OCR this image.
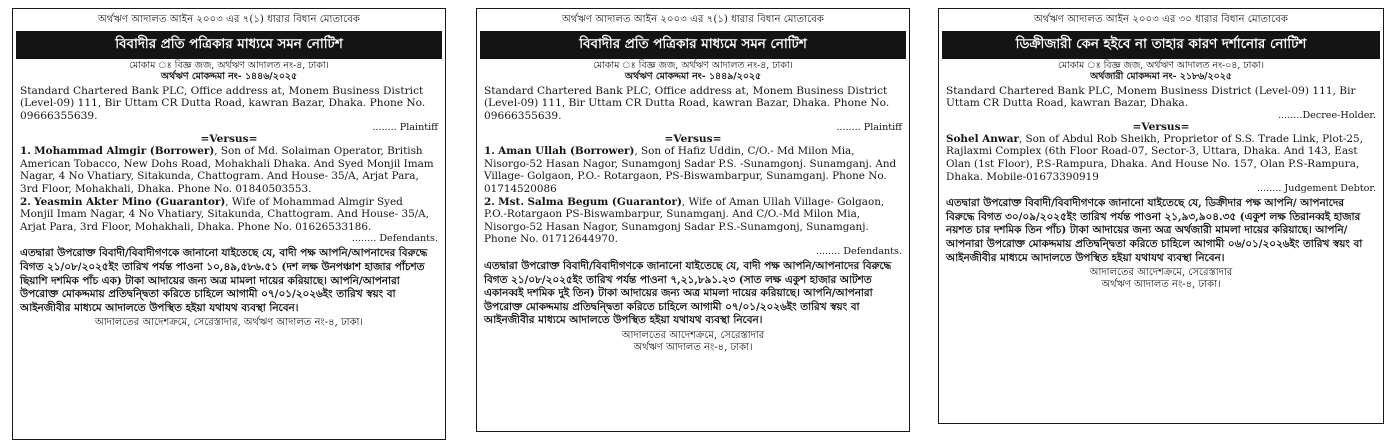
অর্থঋণ আদালত আইন ২০০৩ এর ৭(১) ধারার বিধান মোতাবেক
বিবাদীর প্রতি পত্রিকার মাধ্যমে সমন নোটিশ
মোকাম ঃ বিজ্ঞ জজ, অর্থঋণ আদালত নং-৪, ঢাকা।
অর্থঋণ মোকদ্দমা নং- ১৪৪৬/২০২৫
Standard Chartered Bank PLC, Office address at, Monem Business District (Level-09) 111, Bir Uttam CR Dutta Road, kawran Bazar, Dhaka. Phone No. 09666355639.
........ Plaintiff
=Versus=
1. Mohammad Almgir (Borrower), Son of Md. Solaiman Operator, British American Tobacco, New Dohs Road, Mohakhali Dhaka. And Syed Monjil Imam Nagar, 4 No Vhatiary, Sitakunda, Chattogram. And House- 35/A, Arjat Para, 3rd Floor, Mohakhali, Dhaka. Phone No. 01840503553.
2. Yeasmin Akter Mino (Guarantor), Wife of Mohammad Almgir Syed Monjil Imam Nagar, 4 No Vhatiary, Sitakunda, Chattogram. And House- 35/A, Arjat Para, 3rd Floor, Mohakhali, Dhaka. Phone No. 01626533186.
........ Defendants.
এতদ্বারা উপরোক্ত বিবাদী/বিবাদীগণকে জানানো যাইতেছে যে, বাদী পক্ষ আপনি/আপনাদের বিরুদ্ধে বিগত ২১/০৮/২০২৫ইং তারিখ পর্যন্ত পাওনা ১০,৪৯,৫৮৬.৫১ (দশ লক্ষ উনপঞ্চাশ হাজার পাঁচশত ছিয়াশি দশমিক পাঁচ এক) টাকা আদায়ের জন্য অত্র মামলা দায়ের করিয়াছে। আপনি/আপনারা উপরোক্ত মোকদ্দমায় প্রতিদ্বন্দ্বিতা করিতে চাহিলে আগামী ০৭/০১/২০২৬ইং তারিখ স্বয়ং বা আইনজীবীর মাধ্যমে আদালতে উপস্থিত হইয়া যথাযথ ব্যবস্থা নিবেন।
আদালতের আদেশক্রমে, সেরেস্তাদার, অর্থঋণ আদালত নং-৪, ঢাকা।
অর্থঋণ আদালত আইন ২০০৩ এর ৭(১) ধারার বিধান মোতাবেক
বিবাদীর প্রতি পত্রিকার মাধ্যমে সমন নোটিশ
মোকাম ঃ বিজ্ঞ জজ, অর্থঋণ আদালত নং-৪, ঢাকা।
অর্থঋণ মোকদ্দমা নং- ১৪৪৯/২০২৫
Standard Chartered Bank PLC, Office address at, Monem Business District (Level-09) 111, Bir Uttam CR Dutta Road, kawran Bazar, Dhaka. Phone No. 09666355639.
........ Plaintiff
=Versus=
1. Aman Ullah (Borrower), Son of Hafiz Uddin, C/O.- Md Milon Mia, Nisorgo-52 Hasan Nagor, Sunamgonj Sadar P.S. -Sunamgonj. Sunamganj. And Village- Golgaon, P.O.- Rotargaon, PS-Biswambarpur, Sunamganj. Phone No. 01714520086
2. Mst. Salma Begum (Guarantor), Wife of Aman Ullah Village- Golgaon, P.O.-Rotargaon PS-Biswambarpur, Sunamganj. And C/O.-Md Milon Mia, Nisorgo-52 Hasan Nagor, Sunamgonj Sadar P.S.-Sunamgonj, Sunamganj. Phone No. 01712644970.
........ Defendants.
এতদ্বারা উপরোক্ত বিবাদী/বিবাদীগণকে জানানো যাইতেছে যে, বাদী পক্ষ আপনি/আপনাদের বিরুদ্ধে বিগত ২১/০৮/২০২৫ইং তারিখ পর্যন্ত পাওনা ৭,২১,৮৯১.২৩ (সাত লক্ষ একুশ হাজার আটশত একানব্বই দশমিক দুই তিন) টাকা আদায়ের জন্য অত্র মামলা দায়ের করিয়াছে। আপনি/আপনারা উপরোক্ত মোকদ্দমায় প্রতিদ্বন্দ্বিতা করিতে চাহিলে আগামী ০৭/০১/২০২৬ইং তারিখ স্বয়ং বা আইনজীবীর মাধ্যমে আদালতে উপস্থিত হইয়া যথাযথ ব্যবস্থা নিবেন।
আদালতের আদেশক্রমে, সেরেস্তাদার
অর্থঋণ আদালত নং-৪, ঢাকা।
অর্থঋণ আদালত আইন ২০০৩ এর ৩০ ধারার বিধান মোতাবেক
ডিক্রীজারী কেন হইবে না তাহার কারণ দর্শানোর নোটিশ
মোকাম ঃ বিজ্ঞ জজ, অর্থঋণ আদালত নং-০৪, ঢাকা।
অর্থজারী মোকদ্দমা নং- ২১৮৬/২০২৫
Standard Chartered Bank PLC, Monem Business District (Level-09) 111, Bir Uttam CR Dutta Road, kawran Bazar, Dhaka.
........Decree-Holder.
=Versus=
Sohel Anwar, Son of Abdul Rob Sheikh, Proprietor of S.S. Trade Link, Plot-25, Rajlaxmi Complex (6th Floor Road-07, Sector-3, Uttara, Dhaka. And 143, East Olan (1st Floor), P.S-Rampura, Dhaka. And House No. 157, Olan P.S-Rampura, Dhaka. Mobile-01673390919
........ Judgement Debtor.
এতদ্বারা উপরোক্ত বিবাদী/বিবাদীগণকে জানানো যাইতেছে যে, ডিক্রীদার পক্ষ আপনি/ আপনাদের বিরুদ্ধে বিগত ৩০/০৯/২০২৫ইং তারিখ পর্যন্ত পাওনা ২১,৯৩,৯০৪.৩৫ (একুশ লক্ষ তিরানব্বই হাজার নয়শত চার দশমিক তিন পাঁচ) টাকা আদায়ের জন্য অত্র অর্থজারী মামলা দায়ের করিয়াছে। আপনি/আপনারা উপরোক্ত মোকদ্দমায় প্রতিদ্বন্দ্বিতা করিতে চাহিলে আগামী ০৬/০১/২০২৬ইং তারিখ স্বয়ং বা আইনজীবীর মাধ্যমে আদালতে উপস্থিত হইয়া যথাযথ ব্যবস্থা নিবেন।
আদালতের আদেশক্রমে, সেরেস্তাদার
অর্থঋণ আদালত নং-৪, ঢাকা।
